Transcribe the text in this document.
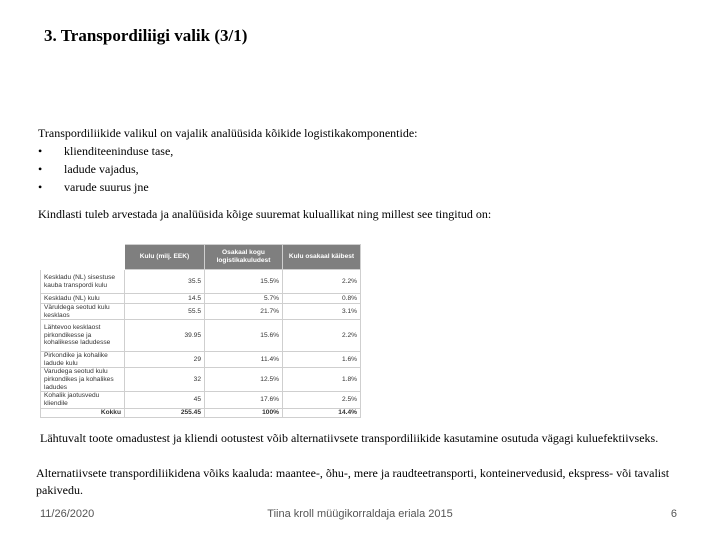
3. Transpordiliigi valik (3/1)
Transpordiliikide valikul on vajalik analüüsida kõikide logistikakomponentide:
• klienditeeninduse tase,
• ladude vajadus,
• varude suurus jne
Kindlasti tuleb arvestada ja analüüsida kõige suuremat kuluallikat ning millest see tingitud on:
	Kulu (milj. EEK)	Osakaal kogu logistikakuludest	Kulu osakaal käibest
Keskladu (NL) sisestuse kauba transpordi kulu	35.5	15.5%	2.2%
Keskladu (NL) kulu	14.5	5.7%	0.8%
Väruldega seotud kulu kesklaos	55.5	21.7%	3.1%
Lähtevoo kesklaost pirkondikesse ja kohalikesse ladudesse	39.95	15.6%	2.2%
Pirkondike ja kohalike ladude kulu	29	11.4%	1.6%
Varudega seotud kulu pirkondikes ja kohalikes ladudes	32	12.5%	1.8%
Kohalik jaotusvedu kliendile	45	17.6%	2.5%
Kokku	255.45	100%	14.4%
Lähtuvalt toote omadustest ja kliendi ootustest võib alternatiivsete transpordiliikide kasutamine osutuda vägagi kuluefektiivseks.
Alternatiivsete transpordiliikidena võiks kaaluda: maantee-, õhu-, mere ja raudteetransporti, konteinervedusid, ekspress- või tavalist pakivedu.
11/26/2020	Tiina kroll müügikorraldaja eriala 2015	6
